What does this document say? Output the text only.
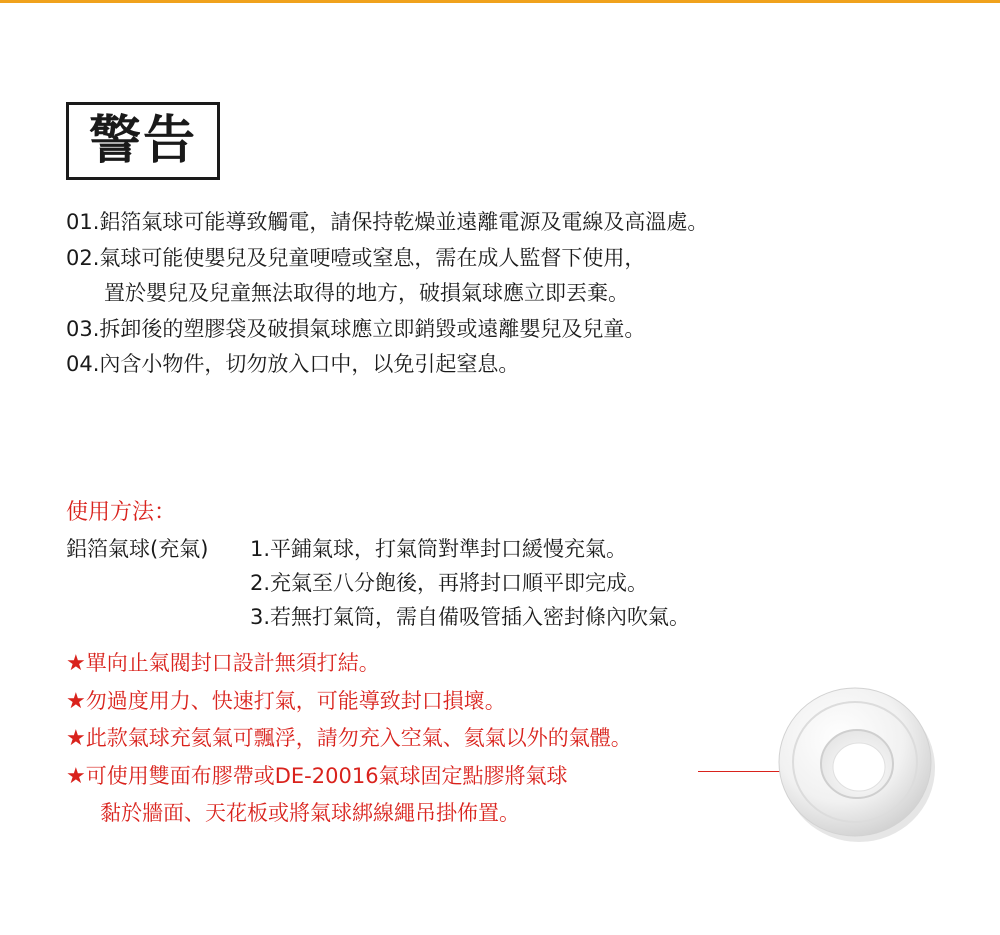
警告
01.鋁箔氣球可能導致觸電，請保持乾燥並遠離電源及電線及高溫處。
02.氣球可能使嬰兒及兒童哽噎或窒息，需在成人監督下使用，
置於嬰兒及兒童無法取得的地方，破損氣球應立即丟棄。
03.拆卸後的塑膠袋及破損氣球應立即銷毀或遠離嬰兒及兒童。
04.內含小物件，切勿放入口中，以免引起窒息。
使用方法：
鋁箔氣球(充氣)	1.平鋪氣球，打氣筒對準封口緩慢充氣。
2.充氣至八分飽後，再將封口順平即完成。
3.若無打氣筒，需自備吸管插入密封條內吹氣。
★單向止氣閥封口設計無須打結。
★勿過度用力、快速打氣，可能導致封口損壞。
★此款氣球充氦氣可飄浮，請勿充入空氣、氦氣以外的氣體。
★可使用雙面布膠帶或DE-20016氣球固定點膠將氣球
黏於牆面、天花板或將氣球綁線繩吊掛佈置。
